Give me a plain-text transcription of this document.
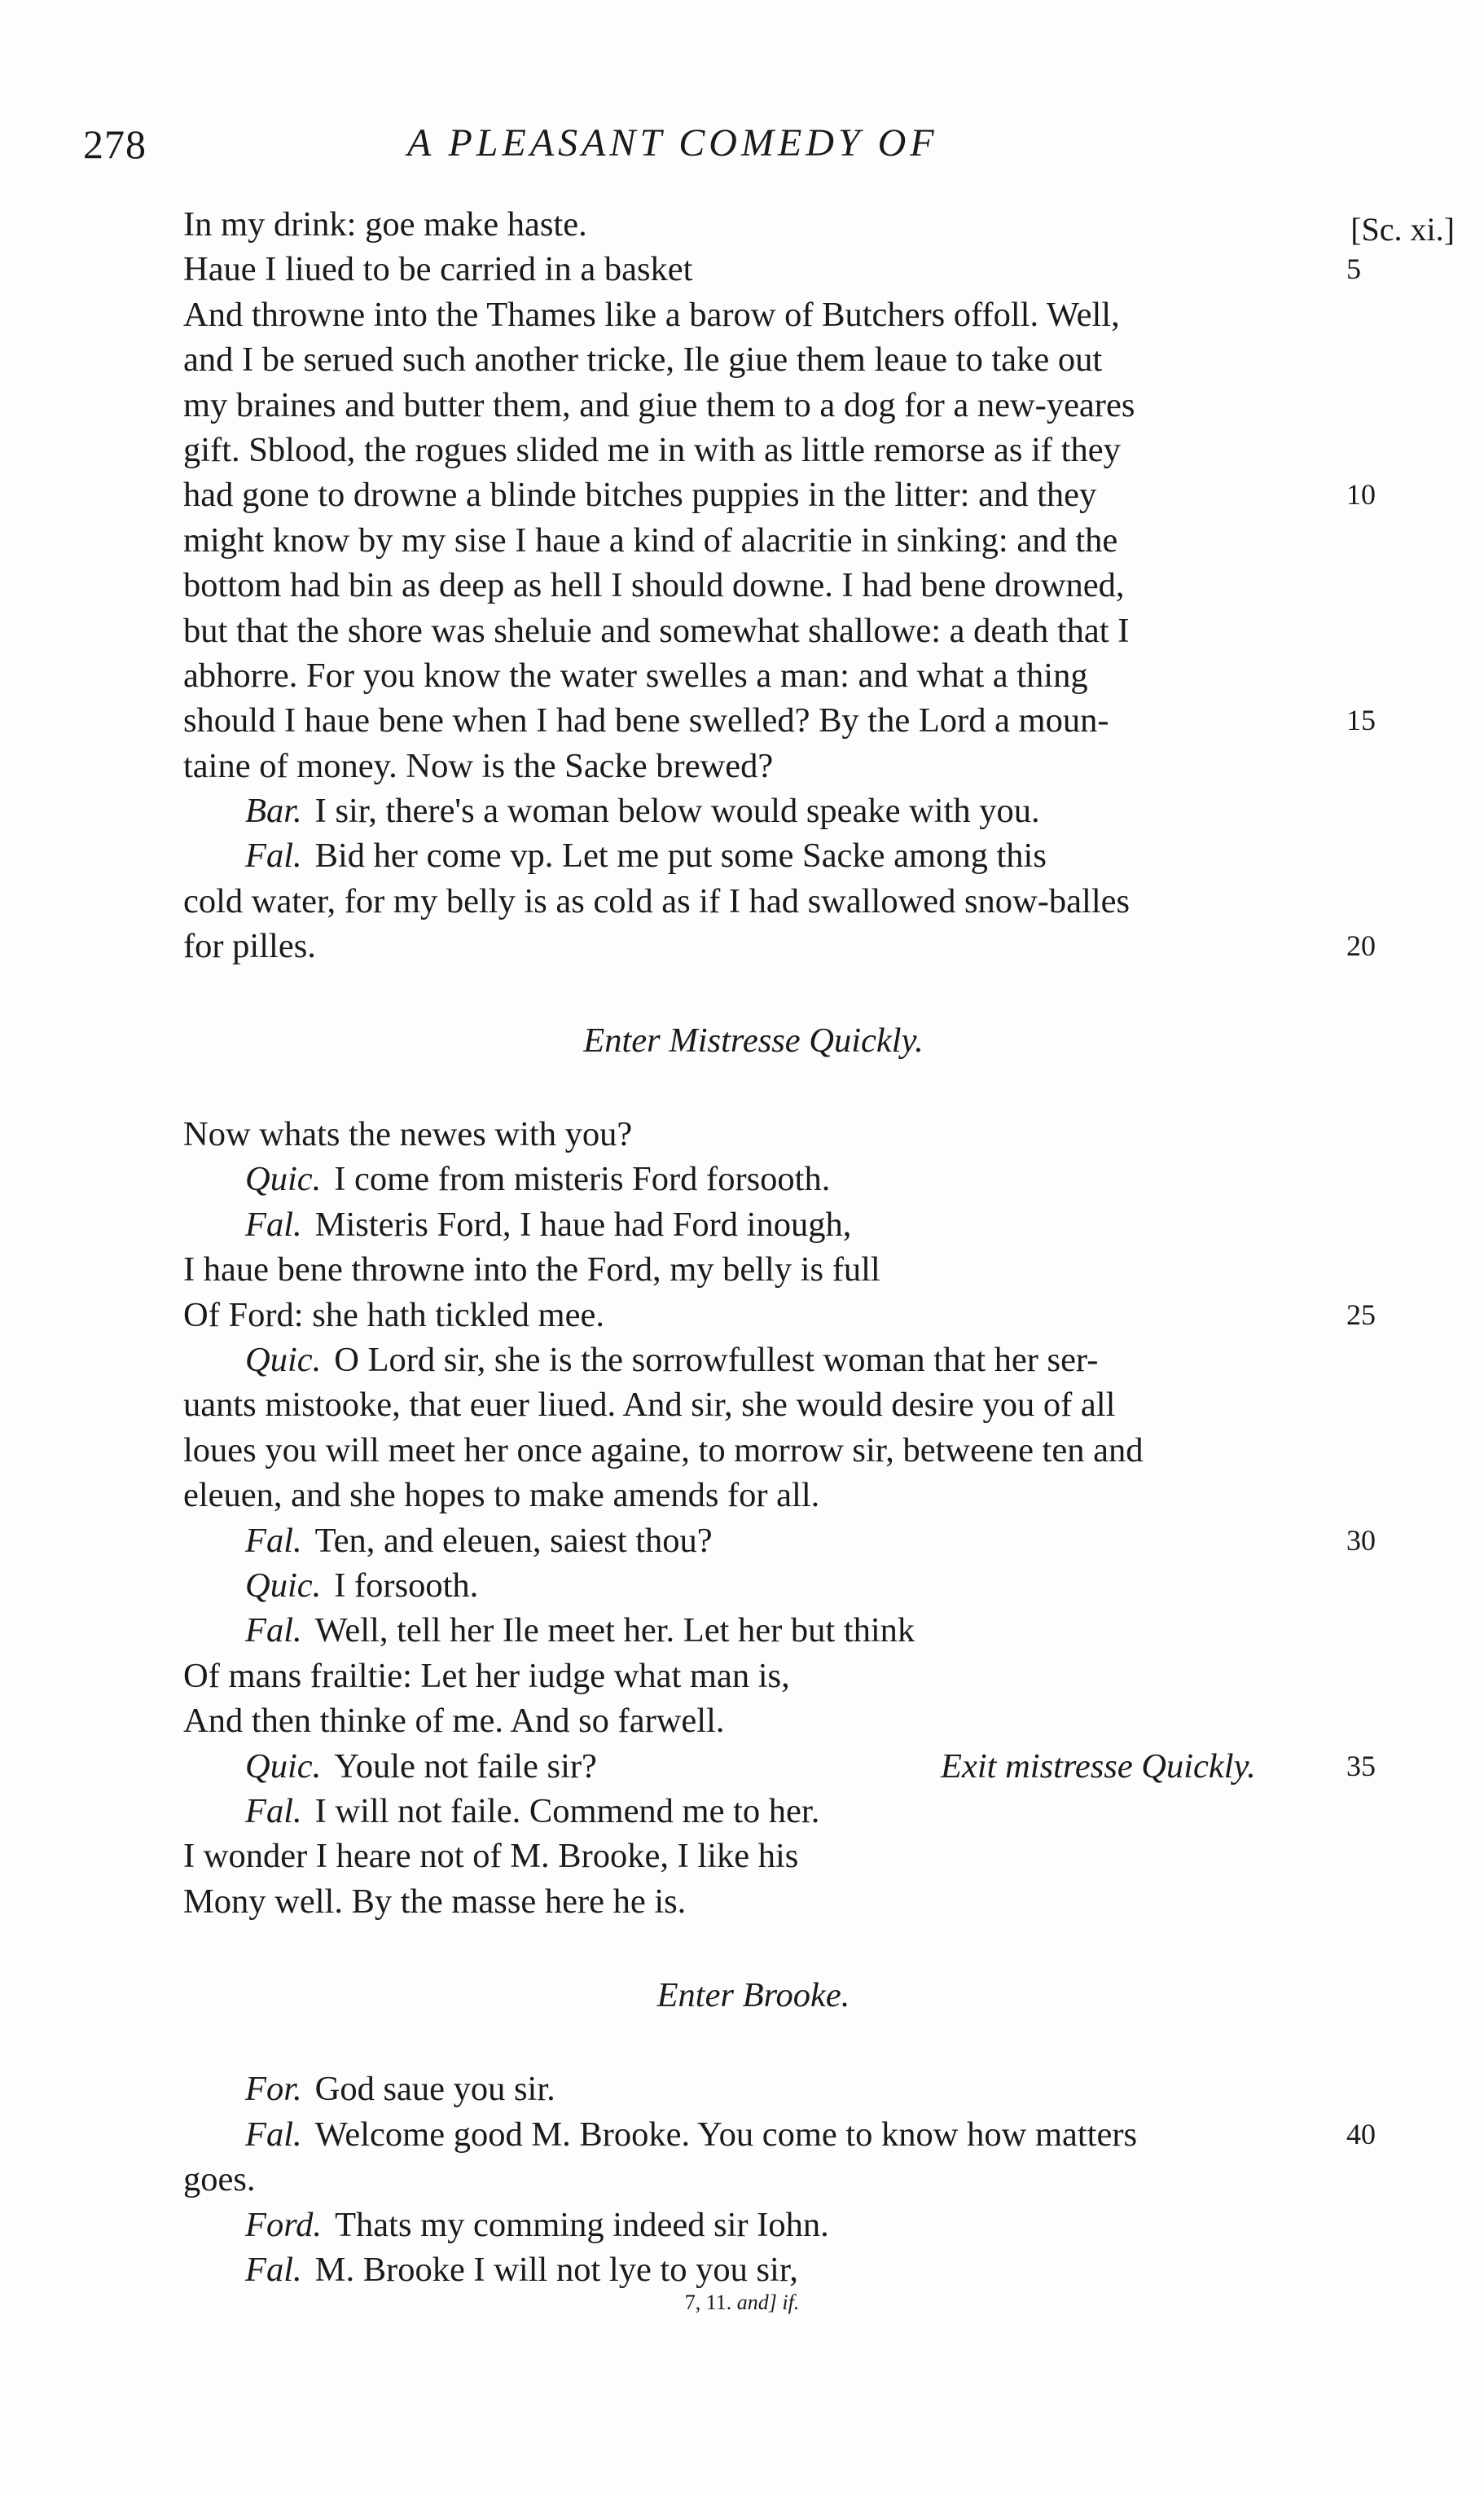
278	A PLEASANT COMEDY OF
[Sc. xi.]
In my drink: goe make haste.
Haue I liued to be carried in a basket	5
And throwne into the Thames like a barow of Butchers offoll. Well,
and I be serued such another tricke, Ile giue them leaue to take out
my braines and butter them, and giue them to a dog for a new-yeares
gift. Sblood, the rogues slided me in with as little remorse as if they
had gone to drowne a blinde bitches puppies in the litter: and they	10
might know by my sise I haue a kind of alacritie in sinking: and the
bottom had bin as deep as hell I should downe. I had bene drowned,
but that the shore was sheluie and somewhat shallowe: a death that I
abhorre. For you know the water swelles a man: and what a thing
should I haue bene when I had bene swelled? By the Lord a moun-	15
taine of money. Now is the Sacke brewed?
Bar. I sir, there's a woman below would speake with you.
Fal. Bid her come vp. Let me put some Sacke among this
cold water, for my belly is as cold as if I had swallowed snow-balles
for pilles.	20
Enter Mistresse Quickly.
Now whats the newes with you?
Quic. I come from misteris Ford forsooth.
Fal. Misteris Ford, I haue had Ford inough,
I haue bene throwne into the Ford, my belly is full
Of Ford: she hath tickled mee.	25
Quic. O Lord sir, she is the sorrowfullest woman that her ser-
uants mistooke, that euer liued. And sir, she would desire you of all
loues you will meet her once againe, to morrow sir, betweene ten and
eleuen, and she hopes to make amends for all.
Fal. Ten, and eleuen, saiest thou?	30
Quic. I forsooth.
Fal. Well, tell her Ile meet her. Let her but think
Of mans frailtie: Let her iudge what man is,
And then thinke of me. And so farwell.
Quic. Youle not faile sir?	Exit mistresse Quickly.	35
Fal. I will not faile. Commend me to her.
I wonder I heare not of M. Brooke, I like his
Mony well. By the masse here he is.
Enter Brooke.
For. God saue you sir.
Fal. Welcome good M. Brooke. You come to know how matters	40
goes.
Ford. Thats my comming indeed sir Iohn.
Fal. M. Brooke I will not lye to you sir,
7, 11. and] if.
